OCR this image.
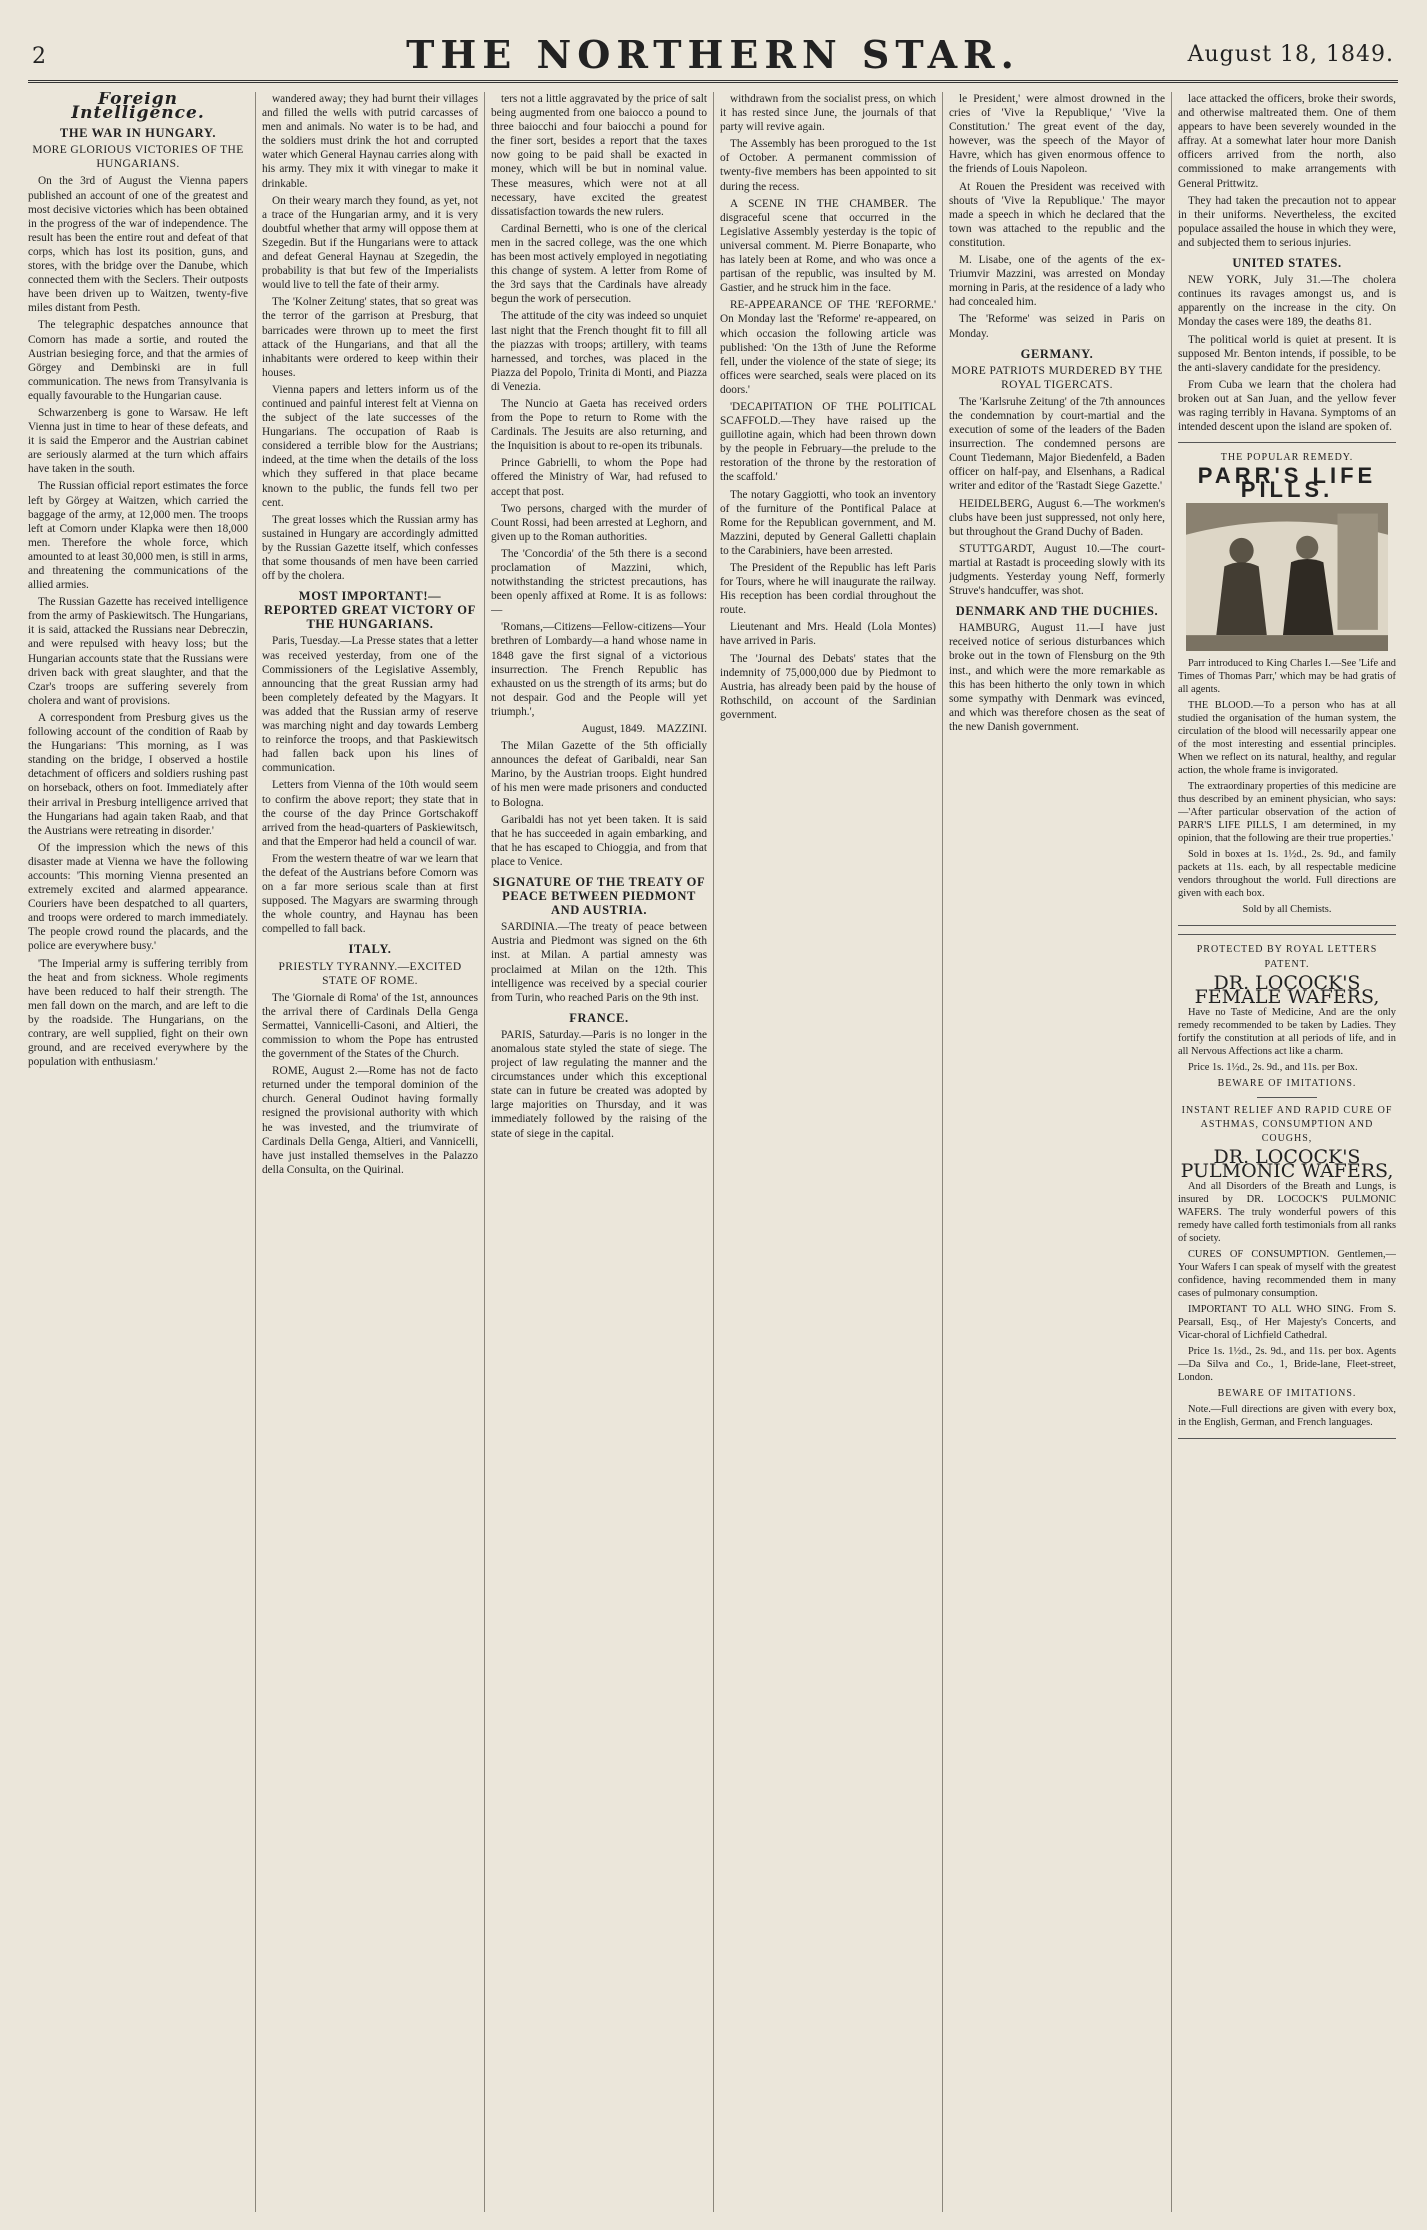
2	THE NORTHERN STAR.	August 18, 1849.
Foreign Intelligence.
THE WAR IN HUNGARY.
MORE GLORIOUS VICTORIES OF THE HUNGARIANS.

On the 3rd of August the Vienna papers published an account of one of the greatest and most decisive victories which has been obtained in the progress of the war of independence. The result has been the entire rout and defeat of that corps, which has lost its position, guns, and stores, with the bridge over the Danube, which connected them with the Seclers. Their outposts have been driven up to Waitzen, twenty-five miles distant from Pesth.

The telegraphic despatches announce that Comorn has made a sortie, and routed the Austrian besieging force, and that the armies of Görgey and Dembinski are in full communication. The news from Transylvania is equally favourable to the Hungarian cause.

Schwarzenberg is gone to Warsaw. He left Vienna just in time to hear of these defeats, and it is said the Emperor and the Austrian cabinet are seriously alarmed at the turn which affairs have taken in the south.

The Russian official report estimates the force left by Görgey at Waitzen, which carried the baggage of the army, at 12,000 men. The troops left at Comorn under Klapka were then 18,000 men. Therefore the whole force, which amounted to at least 30,000 men, is still in arms, and threatening the communications of the allied armies.

The Russian Gazette has received intelligence from the army of Paskiewitsch. The Hungarians, it is said, attacked the Russians near Debreczin, and were repulsed with heavy loss; but the Hungarian accounts state that the Russians were driven back with great slaughter, and that the Czar's troops are suffering severely from cholera and want of provisions.

A correspondent from Presburg gives us the following account of the condition of Raab by the Hungarians: 'This morning, as I was standing on the bridge, I observed a hostile detachment of officers and soldiers rushing past on horseback, others on foot. Immediately after their arrival in Presburg intelligence arrived that the Hungarians had again taken Raab, and that the Austrians were retreating in disorder.'

Of the impression which the news of this disaster made at Vienna we have the following accounts: 'This morning Vienna presented an extremely excited and alarmed appearance. Couriers have been despatched to all quarters, and troops were ordered to march immediately. The people crowd round the placards, and the police are everywhere busy.'

'The Imperial army is suffering terribly from the heat and from sickness. Whole regiments have been reduced to half their strength. The men fall down on the march, and are left to die by the roadside. The Hungarians, on the contrary, are well supplied, fight on their own ground, and are received everywhere by the population with enthusiasm.'

wandered away; they had burnt their villages and filled the wells with putrid carcasses of men and animals. No water is to be had, and the soldiers must drink the hot and corrupted water which General Haynau carries along with his army. They mix it with vinegar to make it drinkable.

On their weary march they found, as yet, not a trace of the Hungarian army, and it is very doubtful whether that army will oppose them at Szegedin. But if the Hungarians were to attack and defeat General Haynau at Szegedin, the probability is that but few of the Imperialists would live to tell the fate of their army.

The 'Kolner Zeitung' states, that so great was the terror of the garrison at Presburg, that barricades were thrown up to meet the first attack of the Hungarians, and that all the inhabitants were ordered to keep within their houses.

Vienna papers and letters inform us of the continued and painful interest felt at Vienna on the subject of the late successes of the Hungarians. The occupation of Raab is considered a terrible blow for the Austrians; indeed, at the time when the details of the loss which they suffered in that place became known to the public, the funds fell two per cent.

The great losses which the Russian army has sustained in Hungary are accordingly admitted by the Russian Gazette itself, which confesses that some thousands of men have been carried off by the cholera.

MOST IMPORTANT!—REPORTED GREAT VICTORY OF THE HUNGARIANS.

Paris, Tuesday.—La Presse states that a letter was received yesterday, from one of the Commissioners of the Legislative Assembly, announcing that the great Russian army had been completely defeated by the Magyars. It was added that the Russian army of reserve was marching night and day towards Lemberg to reinforce the troops, and that Paskiewitsch had fallen back upon his lines of communication.

Letters from Vienna of the 10th would seem to confirm the above report; they state that in the course of the day Prince Gortschakoff arrived from the head-quarters of Paskiewitsch, and that the Emperor had held a council of war.

From the western theatre of war we learn that the defeat of the Austrians before Comorn was on a far more serious scale than at first supposed. The Magyars are swarming through the whole country, and Haynau has been compelled to fall back.

ITALY.
PRIESTLY TYRANNY.—EXCITED STATE OF ROME.

The 'Giornale di Roma' of the 1st, announces the arrival there of Cardinals Della Genga Sermattei, Vannicelli-Casoni, and Altieri, the commission to whom the Pope has entrusted the government of the States of the Church.

ROME, August 2.—Rome has not de facto returned under the temporal dominion of the church. General Oudinot having formally resigned the provisional authority with which he was invested, and the triumvirate of Cardinals Della Genga, Altieri, and Vannicelli, have just installed themselves in the Palazzo della Consulta, on the Quirinal.

ters not a little aggravated by the price of salt being augmented from one baiocco a pound to three baiocchi and four baiocchi a pound for the finer sort, besides a report that the taxes now going to be paid shall be exacted in money, which will be but in nominal value. These measures, which were not at all necessary, have excited the greatest dissatisfaction towards the new rulers.

Cardinal Bernetti, who is one of the clerical men in the sacred college, was the one which has been most actively employed in negotiating this change of system. A letter from Rome of the 3rd says that the Cardinals have already begun the work of persecution.

The attitude of the city was indeed so unquiet last night that the French thought fit to fill all the piazzas with troops; artillery, with teams harnessed, and torches, was placed in the Piazza del Popolo, Trinita di Monti, and Piazza di Venezia.

The Nuncio at Gaeta has received orders from the Pope to return to Rome with the Cardinals. The Jesuits are also returning, and the Inquisition is about to re-open its tribunals.

Prince Gabrielli, to whom the Pope had offered the Ministry of War, had refused to accept that post.

Two persons, charged with the murder of Count Rossi, had been arrested at Leghorn, and given up to the Roman authorities.

The 'Concordia' of the 5th there is a second proclamation of Mazzini, which, notwithstanding the strictest precautions, has been openly affixed at Rome. It is as follows:—

'Romans,—Citizens—Fellow-citizens—Your brethren of Lombardy—a hand whose name in 1848 gave the first signal of a victorious insurrection. The French Republic has exhausted on us the strength of its arms; but do not despair. God and the People will yet triumph.',

August, 1849. MAZZINI.

The Milan Gazette of the 5th officially announces the defeat of Garibaldi, near San Marino, by the Austrian troops. Eight hundred of his men were made prisoners and conducted to Bologna.

Garibaldi has not yet been taken. It is said that he has succeeded in again embarking, and that he has escaped to Chioggia, and from that place to Venice.

SIGNATURE OF THE TREATY OF PEACE BETWEEN PIEDMONT AND AUSTRIA.

SARDINIA.—The treaty of peace between Austria and Piedmont was signed on the 6th inst. at Milan. A partial amnesty was proclaimed at Milan on the 12th. This intelligence was received by a special courier from Turin, who reached Paris on the 9th inst.

FRANCE.

PARIS, Saturday.—Paris is no longer in the anomalous state styled the state of siege. The project of law regulating the manner and the circumstances under which this exceptional state can in future be created was adopted by large majorities on Thursday, and it was immediately followed by the raising of the state of siege in the capital.

withdrawn from the socialist press, on which it has rested since June, the journals of that party will revive again.

The Assembly has been prorogued to the 1st of October. A permanent commission of twenty-five members has been appointed to sit during the recess.

A SCENE IN THE CHAMBER. The disgraceful scene that occurred in the Legislative Assembly yesterday is the topic of universal comment. M. Pierre Bonaparte, who has lately been at Rome, and who was once a partisan of the republic, was insulted by M. Gastier, and he struck him in the face.

RE-APPEARANCE OF THE 'REFORME.' On Monday last the 'Reforme' re-appeared, on which occasion the following article was published: 'On the 13th of June the Reforme fell, under the violence of the state of siege; its offices were searched, seals were placed on its doors.'

'DECAPITATION OF THE POLITICAL SCAFFOLD.—They have raised up the guillotine again, which had been thrown down by the people in February—the prelude to the restoration of the throne by the restoration of the scaffold.'

The notary Gaggiotti, who took an inventory of the furniture of the Pontifical Palace at Rome for the Republican government, and M. Mazzini, deputed by General Galletti chaplain to the Carabiniers, have been arrested.

The President of the Republic has left Paris for Tours, where he will inaugurate the railway. His reception has been cordial throughout the route.

Lieutenant and Mrs. Heald (Lola Montes) have arrived in Paris.

The 'Journal des Debats' states that the indemnity of 75,000,000 due by Piedmont to Austria, has already been paid by the house of Rothschild, on account of the Sardinian government.

le President,' were almost drowned in the cries of 'Vive la Republique,' 'Vive la Constitution.' The great event of the day, however, was the speech of the Mayor of Havre, which has given enormous offence to the friends of Louis Napoleon.

At Rouen the President was received with shouts of 'Vive la Republique.' The mayor made a speech in which he declared that the town was attached to the republic and the constitution.

M. Lisabe, one of the agents of the ex-Triumvir Mazzini, was arrested on Monday morning in Paris, at the residence of a lady who had concealed him.

The 'Reforme' was seized in Paris on Monday.

GERMANY.
MORE PATRIOTS MURDERED BY THE ROYAL TIGERCATS.

The 'Karlsruhe Zeitung' of the 7th announces the condemnation by court-martial and the execution of some of the leaders of the Baden insurrection. The condemned persons are Count Tiedemann, Major Biedenfeld, a Baden officer on half-pay, and Elsenhans, a Radical writer and editor of the 'Rastadt Siege Gazette.'

HEIDELBERG, August 6.—The workmen's clubs have been just suppressed, not only here, but throughout the Grand Duchy of Baden.

STUTTGARDT, August 10.—The court-martial at Rastadt is proceeding slowly with its judgments. Yesterday young Neff, formerly Struve's handcuffer, was shot.

DENMARK AND THE DUCHIES.

HAMBURG, August 11.—I have just received notice of serious disturbances which broke out in the town of Flensburg on the 9th inst., and which were the more remarkable as this has been hitherto the only town in which some sympathy with Denmark was evinced, and which was therefore chosen as the seat of the new Danish government.

lace attacked the officers, broke their swords, and otherwise maltreated them. One of them appears to have been severely wounded in the affray. At a somewhat later hour more Danish officers arrived from the north, also commissioned to make arrangements with General Prittwitz.

They had taken the precaution not to appear in their uniforms. Nevertheless, the excited populace assailed the house in which they were, and subjected them to serious injuries.

UNITED STATES.

NEW YORK, July 31.—The cholera continues its ravages amongst us, and is apparently on the increase in the city. On Monday the cases were 189, the deaths 81.

The political world is quiet at present. It is supposed Mr. Benton intends, if possible, to be the anti-slavery candidate for the presidency.

From Cuba we learn that the cholera had broken out at San Juan, and the yellow fever was raging terribly in Havana. Symptoms of an intended descent upon the island are spoken of.

THE POPULAR REMEDY.
PARR'S LIFE PILLS.

Parr introduced to King Charles I.—See 'Life and Times of Thomas Parr,' which may be had gratis of all agents.

THE BLOOD.—To a person who has at all studied the organisation of the human system, the circulation of the blood will necessarily appear one of the most interesting and essential principles. When we reflect on its natural, healthy, and regular action, the whole frame is invigorated.

The extraordinary properties of this medicine are thus described by an eminent physician, who says:—'After particular observation of the action of PARR'S LIFE PILLS, I am determined, in my opinion, that the following are their true properties.'

Sold in boxes at 1s. 1½d., 2s. 9d., and family packets at 11s. each, by all respectable medicine vendors throughout the world. Full directions are given with each box.

Sold by all Chemists.

PROTECTED BY ROYAL LETTERS PATENT.
DR. LOCOCK'S FEMALE WAFERS,

Have no Taste of Medicine, And are the only remedy recommended to be taken by Ladies. They fortify the constitution at all periods of life, and in all Nervous Affections act like a charm.

Price 1s. 1½d., 2s. 9d., and 11s. per Box.

BEWARE OF IMITATIONS.
INSTANT RELIEF AND RAPID CURE OF ASTHMAS, CONSUMPTION AND COUGHS,
DR. LOCOCK'S PULMONIC WAFERS,

And all Disorders of the Breath and Lungs, is insured by DR. LOCOCK'S PULMONIC WAFERS. The truly wonderful powers of this remedy have called forth testimonials from all ranks of society.

CURES OF CONSUMPTION. Gentlemen,—Your Wafers I can speak of myself with the greatest confidence, having recommended them in many cases of pulmonary consumption.

IMPORTANT TO ALL WHO SING. From S. Pearsall, Esq., of Her Majesty's Concerts, and Vicar-choral of Lichfield Cathedral.

Price 1s. 1½d., 2s. 9d., and 11s. per box. Agents—Da Silva and Co., 1, Bride-lane, Fleet-street, London.

BEWARE OF IMITATIONS.

Note.—Full directions are given with every box, in the English, German, and French languages.
